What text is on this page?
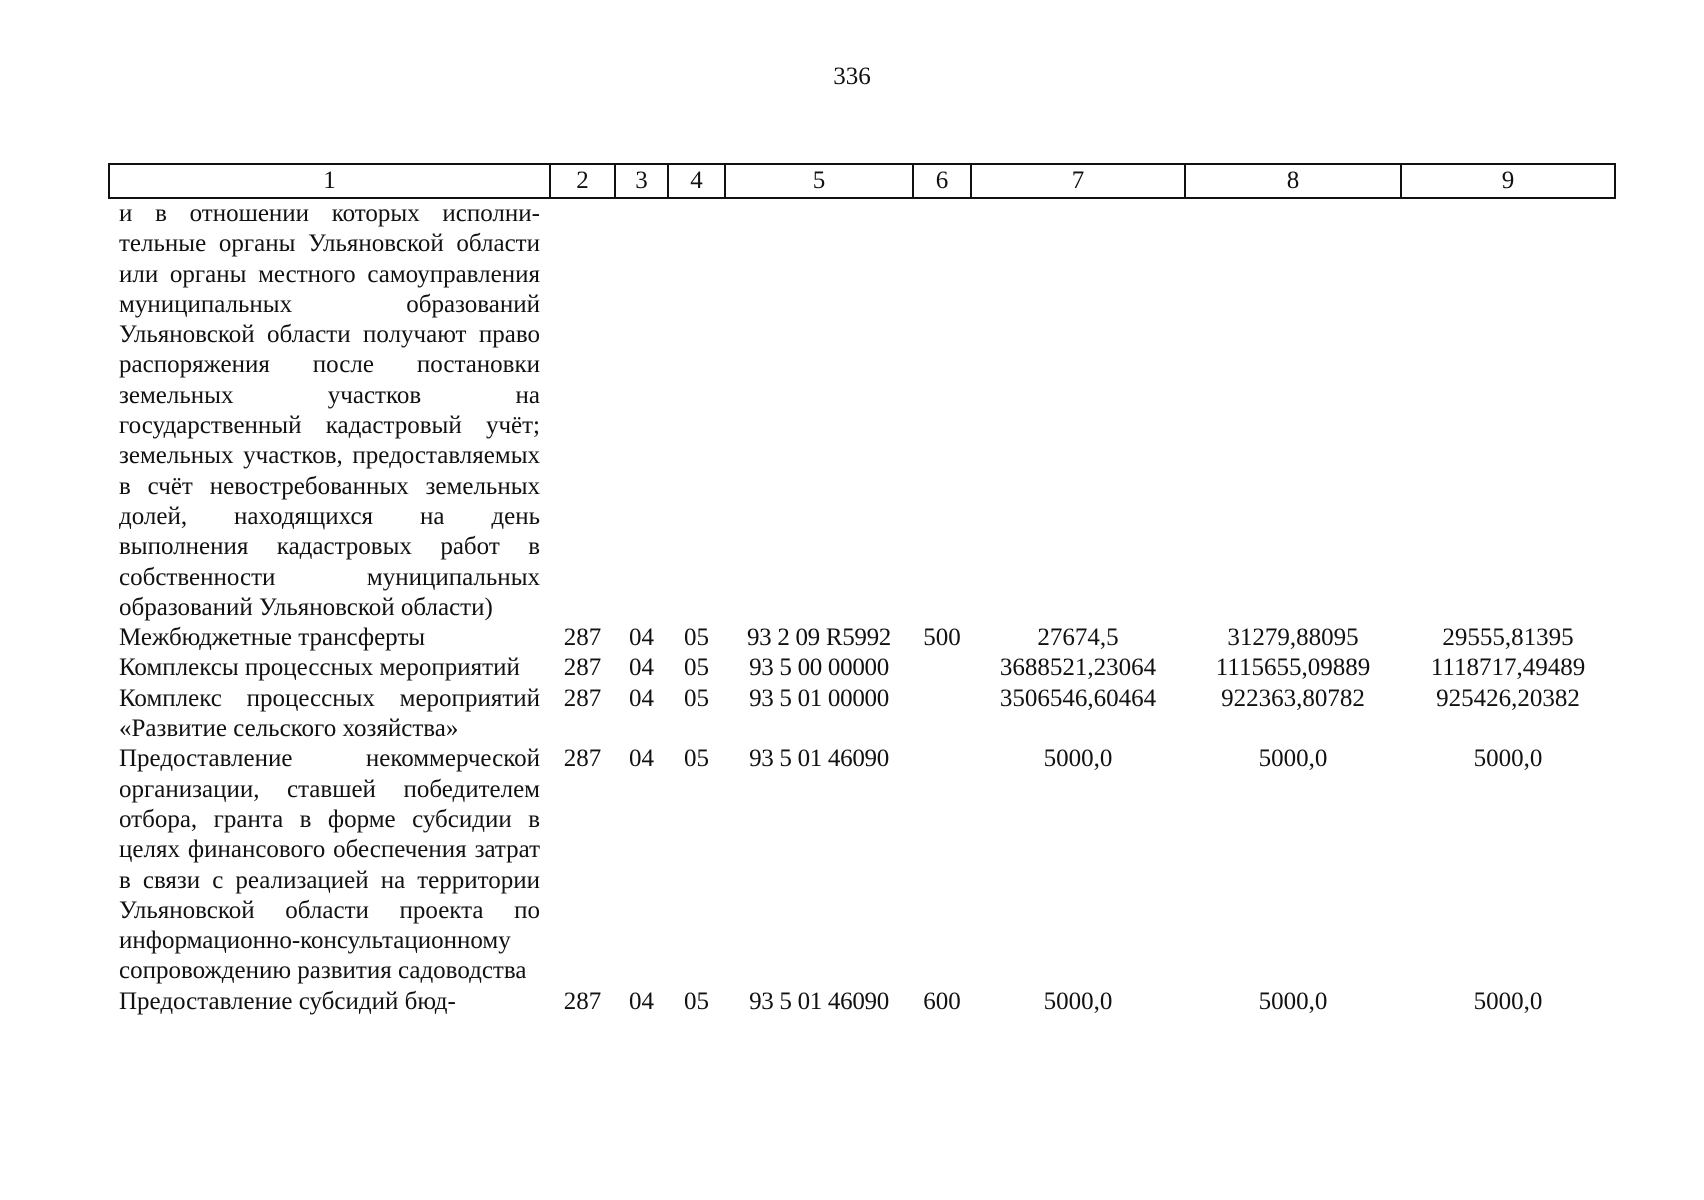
336
1	2	3	4	5	6	7	8	9
и в отношении которых исполнительные органы Ульяновской области или органы местного самоуправления муниципальных образований Ульяновской области получают право распоряжения после постановки земельных участков на государственный кадастровый учёт; земельных участков, предоставляемых в счёт невостребованных земельных долей, находящихся на день выполнения кадастровых работ в собственности муниципальных образований Ульяновской области)								
Межбюджетные трансферты	287	04	05	93 2 09 R5992	500	27674,5	31279,88095	29555,81395
Комплексы процессных мероприятий	287	04	05	93 5 00 00000		3688521,23064	1115655,09889	1118717,49489
Комплекс процессных мероприятий «Развитие сельского хозяйства»	287	04	05	93 5 01 00000		3506546,60464	922363,80782	925426,20382
Предоставление некоммерческой организации, ставшей победителем отбора, гранта в форме субсидии в целях финансового обеспечения затрат в связи с реализацией на территории Ульяновской области проекта по информационно-консультационному сопровождению развития садоводства	287	04	05	93 5 01 46090		5000,0	5000,0	5000,0
Предоставление субсидий бюд-	287	04	05	93 5 01 46090	600	5000,0	5000,0	5000,0
